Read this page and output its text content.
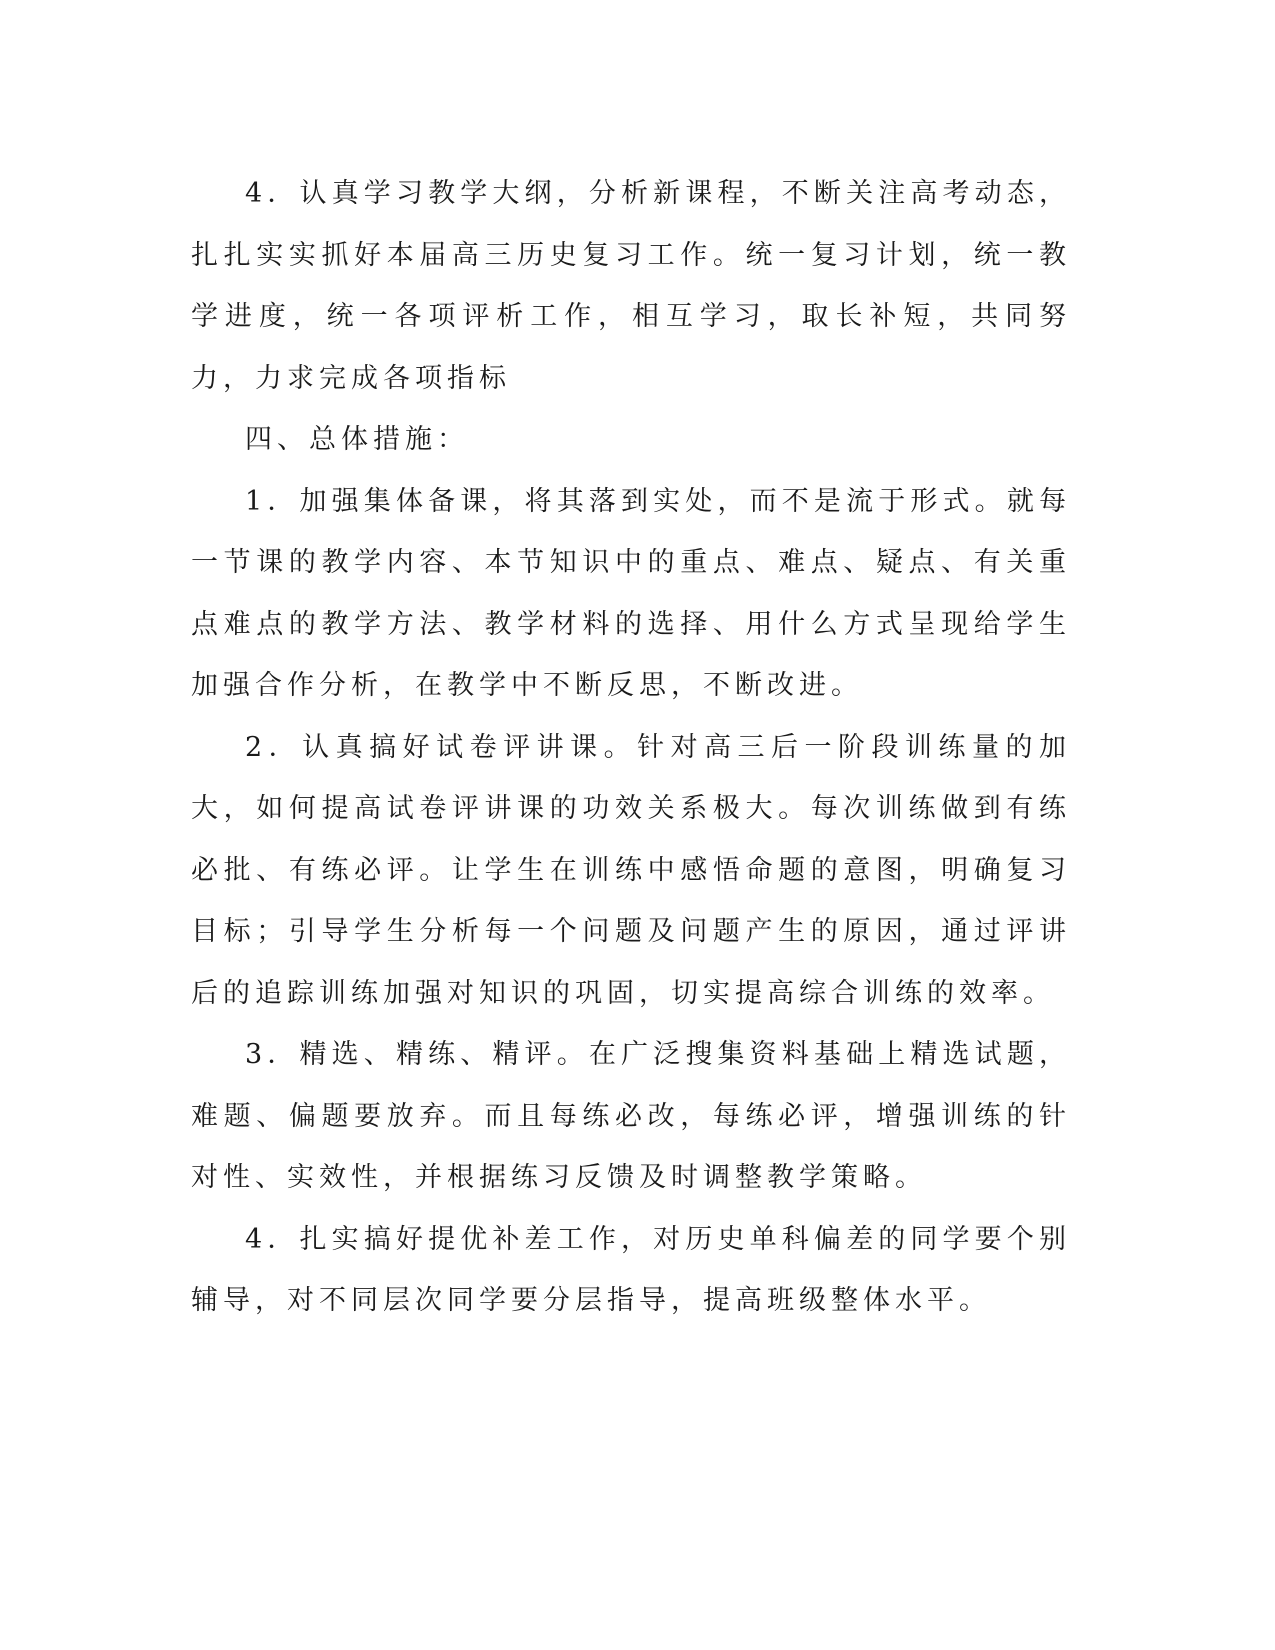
4．认真学习教学大纲，分析新课程，不断关注高考动态，扎扎实实抓好本届高三历史复习工作。统一复习计划，统一教学进度，统一各项评析工作，相互学习，取长补短，共同努力，力求完成各项指标

四、总体措施：

1．加强集体备课，将其落到实处，而不是流于形式。就每一节课的教学内容、本节知识中的重点、难点、疑点、有关重点难点的教学方法、教学材料的选择、用什么方式呈现给学生加强合作分析，在教学中不断反思，不断改进。

2．认真搞好试卷评讲课。针对高三后一阶段训练量的加大，如何提高试卷评讲课的功效关系极大。每次训练做到有练必批、有练必评。让学生在训练中感悟命题的意图，明确复习目标；引导学生分析每一个问题及问题产生的原因，通过评讲后的追踪训练加强对知识的巩固，切实提高综合训练的效率。

3．精选、精练、精评。在广泛搜集资料基础上精选试题，难题、偏题要放弃。而且每练必改，每练必评，增强训练的针对性、实效性，并根据练习反馈及时调整教学策略。

4．扎实搞好提优补差工作，对历史单科偏差的同学要个别辅导，对不同层次同学要分层指导，提高班级整体水平。
